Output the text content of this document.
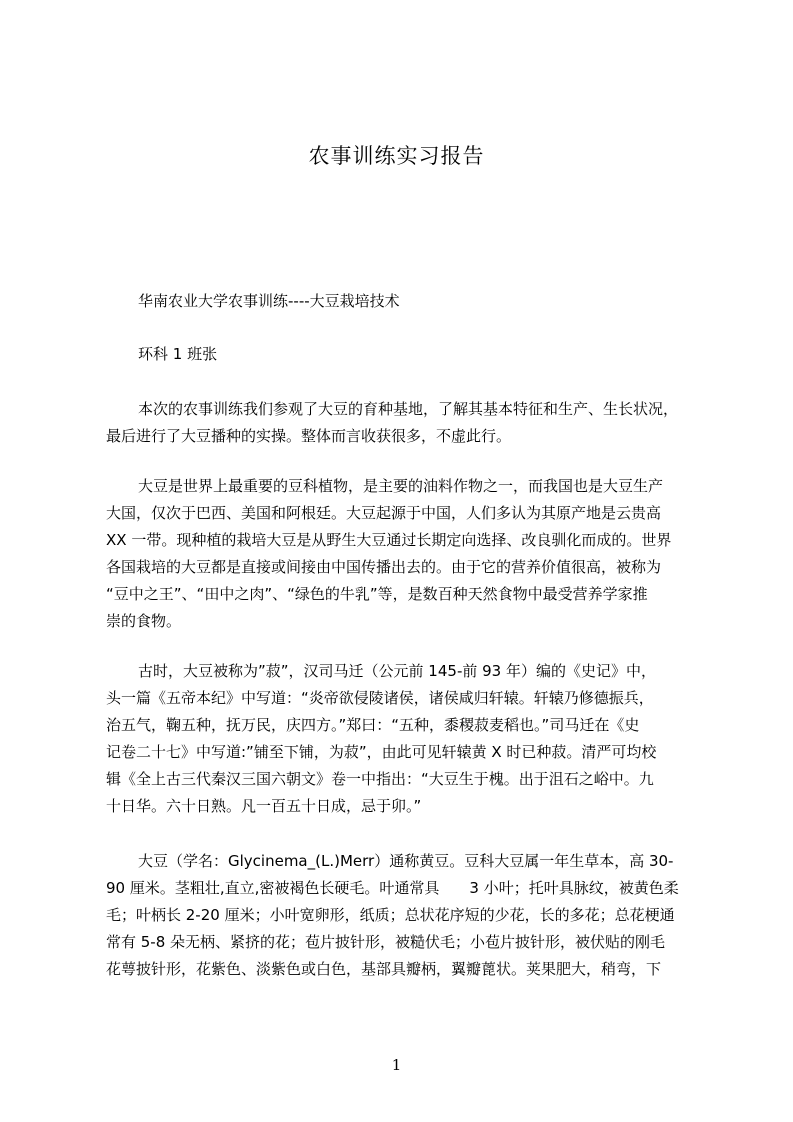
农事训练实习报告
华南农业大学农事训练----大豆栽培技术
环科 1 班张
本次的农事训练我们参观了大豆的育种基地，了解其基本特征和生产、生长状况，
最后进行了大豆播种的实操。整体而言收获很多，不虚此行。
大豆是世界上最重要的豆科植物，是主要的油料作物之一，而我国也是大豆生产
大国，仅次于巴西、美国和阿根廷。大豆起源于中国，人们多认为其原产地是云贵高
XX 一带。现种植的栽培大豆是从野生大豆通过长期定向选择、改良驯化而成的。世界
各国栽培的大豆都是直接或间接由中国传播出去的。由于它的营养价值很高，被称为
“豆中之王”、“田中之肉”、“绿色的牛乳”等，是数百种天然食物中最受营养学家推
崇的食物。
古时，大豆被称为”菽”，汉司马迁（公元前 145-前 93 年）编的《史记》中，
头一篇《五帝本纪》中写道：“炎帝欲侵陵诸侯，诸侯咸归轩辕。轩辕乃修德振兵，
治五气，鞠五种，抚万民，庆四方。”郑曰：“五种，黍稷菽麦稻也。”司马迁在《史
记卷二十七》中写道:”铺至下铺，为菽”，由此可见轩辕黄 X 时已种菽。清严可均校
辑《全上古三代秦汉三国六朝文》卷一中指出：“大豆生于槐。出于沮石之峪中。九
十日华。六十日熟。凡一百五十日成，忌于卯。”
大豆（学名：Glycinema_(L.)Merr）通称黄豆。豆科大豆属一年生草本，高 30-
90 厘米。茎粗壮,直立,密被褐色长硬毛。叶通常具　　3 小叶；托叶具脉纹，被黄色柔
毛；叶柄长 2-20 厘米；小叶宽卵形，纸质；总状花序短的少花，长的多花；总花梗通
常有 5-8 朵无柄、紧挤的花；苞片披针形，被糙伏毛；小苞片披针形，被伏贴的刚毛
花萼披针形，花紫色、淡紫色或白色，基部具瓣柄，翼瓣蓖状。荚果肥大，稍弯，下
1
